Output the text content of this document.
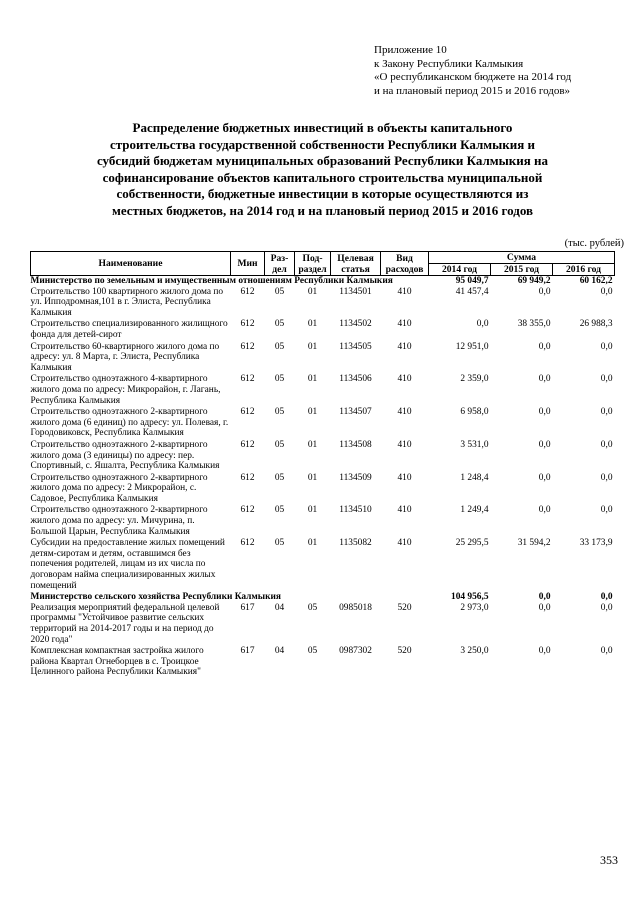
Приложение 10
к Закону Республики Калмыкия
«О республиканском бюджете на 2014 год
и на плановый период 2015 и 2016 годов»
Распределение бюджетных инвестиций в объекты капитального
строительства государственной собственности Республики Калмыкия и
субсидий бюджетам муниципальных образований Республики Калмыкия на
софинансирование объектов капитального строительства муниципальной
собственности, бюджетные инвестиции в которые осуществляются из
местных бюджетов, на 2014 год и на плановый период 2015 и 2016 годов
(тыс. рублей)
Наименование	Мин	Раз-дел	Под-раздел	Целевая статья	Вид расходов	Сумма		
						2014 год	2015 год	2016 год
Министерство по земельным и имущественным отношениям Республики Калмыкия						95 049,7	69 949,2	60 162,2
Строительство 100 квартирного жилого дома по ул. Ипподромная,101 в г. Элиста, Республика Калмыкия	612	05	01	1134501	410	41 457,4	0,0	0,0
Строительство специализированного жилищного фонда для детей-сирот	612	05	01	1134502	410	0,0	38 355,0	26 988,3
Строительство 60-квартирного жилого дома по адресу: ул. 8 Марта, г. Элиста, Республика Калмыкия	612	05	01	1134505	410	12 951,0	0,0	0,0
Строительство одноэтажного 4-квартирного жилого дома по адресу: Микрорайон, г. Лагань, Республика Калмыкия	612	05	01	1134506	410	2 359,0	0,0	0,0
Строительство одноэтажного 2-квартирного жилого дома (6 единиц) по адресу: ул. Полевая, г. Городовиковск, Республика Калмыкия	612	05	01	1134507	410	6 958,0	0,0	0,0
Строительство одноэтажного 2-квартирного жилого дома (3 единицы) по адресу: пер. Спортивный, с. Яшалта, Республика Калмыкия	612	05	01	1134508	410	3 531,0	0,0	0,0
Строительство одноэтажного 2-квартирного жилого дома по адресу: 2 Микрорайон, с. Садовое, Республика Калмыкия	612	05	01	1134509	410	1 248,4	0,0	0,0
Строительство одноэтажного 2-квартирного жилого дома по адресу: ул. Мичурина, п. Большой Царын, Республика Калмыкия	612	05	01	1134510	410	1 249,4	0,0	0,0
Субсидии на предоставление жилых помещений детям-сиротам и детям, оставшимся без попечения родителей, лицам из их числа по договорам найма специализированных жилых помещений	612	05	01	1135082	410	25 295,5	31 594,2	33 173,9
Министерство сельского хозяйства Республики Калмыкия						104 956,5	0,0	0,0
Реализация мероприятий федеральной целевой программы "Устойчивое развитие сельских территорий на 2014-2017 годы и на период до 2020 года"	617	04	05	0985018	520	2 973,0	0,0	0,0
Комплексная компактная застройка жилого района Квартал Огнеборцев в с. Троицкое Целинного района Республики Калмыкия"	617	04	05	0987302	520	3 250,0	0,0	0,0
353
